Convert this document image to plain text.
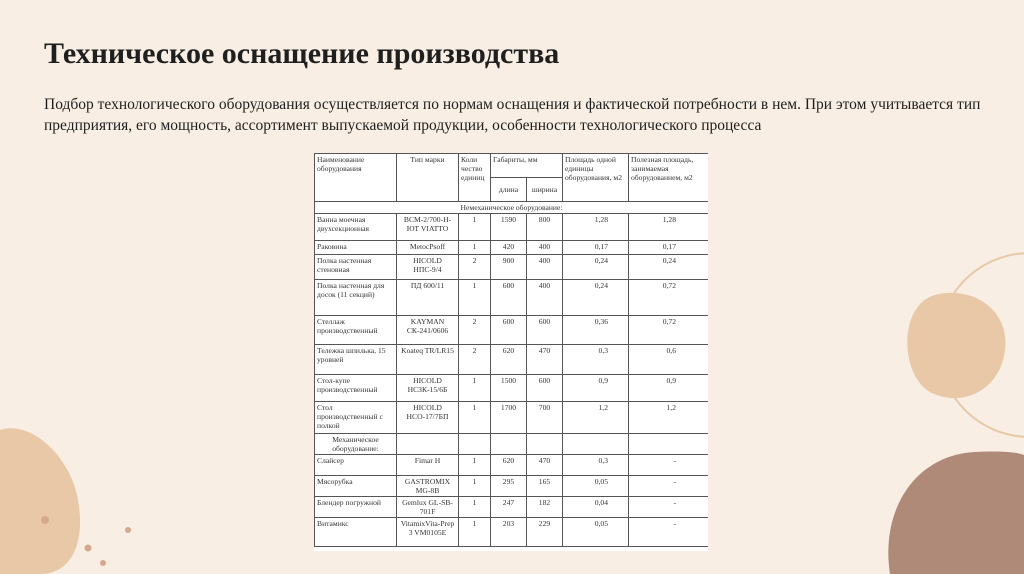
Техническое оснащение производства

Подбор технологического оборудования осуществляется по нормам оснащения и фактической потребности в нем. При этом учитывается тип предприятия, его мощность, ассортимент выпускаемой продукции, особенности технологического процесса

Наименование оборудования	Тип марки	Коли чество единиц	Габариты, мм		Площадь одной единицы оборудования, м2	Полезная площадь, занимаемая оборудованием, м2
			длина	ширина		
Немеханическое оборудование:						
Ванна моечная двухсекционная	ВСМ-2/700-Н-ЮТ VIATTO	1	1590	800	1,28	1,28
Раковина	MetocPsoff	1	420	400	0,17	0,17
Полка настенная стеновная	HICOLD НПС-9/4	2	900	400	0,24	0,24
Полка настенная для досок (11 секций)	ПД 600/11	1	600	400	0,24	0,72
Стеллаж производственный	KAYMAN СК-241/0606	2	600	600	0,36	0,72
Тележка шпилька, 15 уровней	Koateq TR/LR15	2	620	470	0,3	0,6
Стол-купе производственный	HICOLD НСЗК-15/6Б	1	1500	600	0,9	0,9
Стол производственный с полкой	HICOLD НСО-17/7БП	1	1700	700	1,2	1,2
Механическое оборудование:						
Слайсер	Fimar H	1	620	470	0,3	-
Мясорубка	GASTROMIX MG-8B	1	295	165	0,05	-
Блендер погружной	Gemlux GL-SB-701F	1	247	182	0,04	-
Витамикс	VitamixVita-Prep 3 VM0105E	1	203	229	0,05	-
